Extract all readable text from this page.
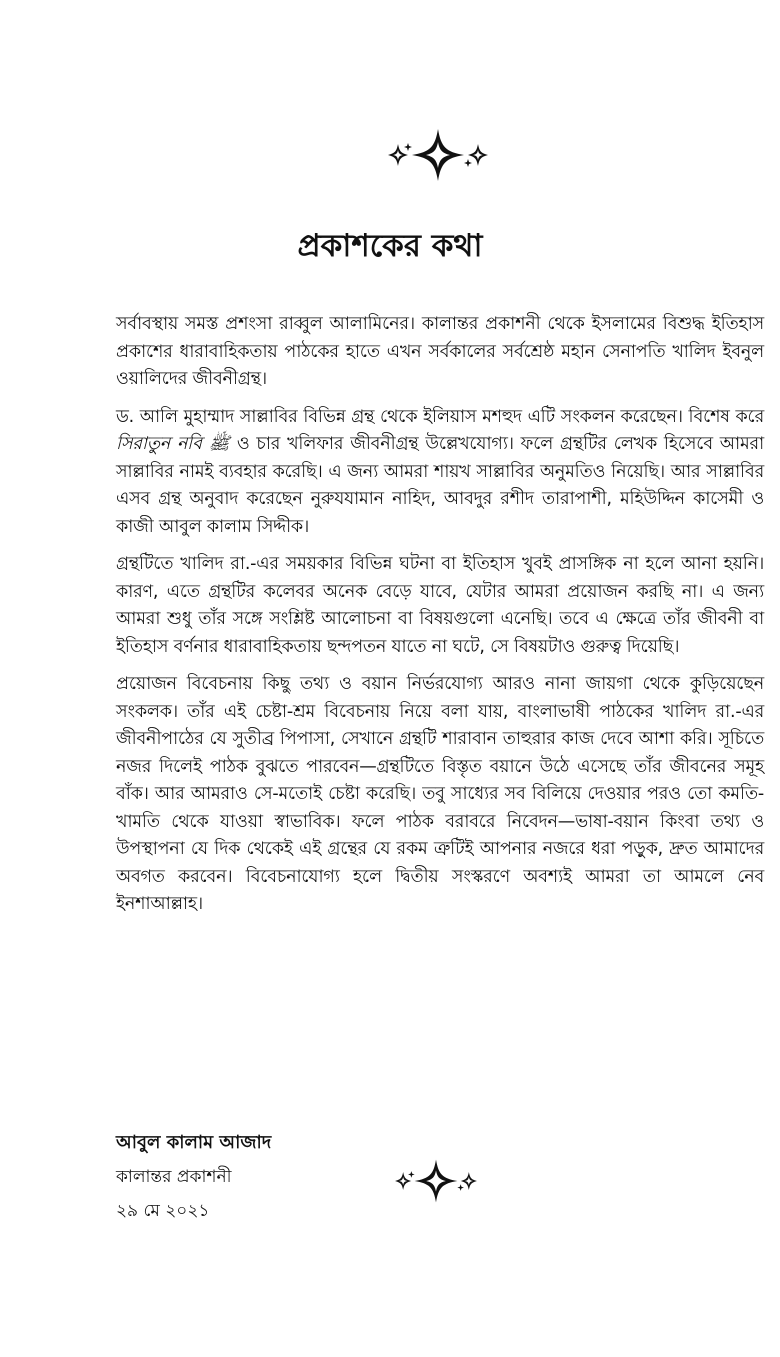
প্রকাশকের কথা

সর্বাবস্থায় সমস্ত প্রশংসা রাব্বুল আলামিনের। কালান্তর প্রকাশনী থেকে ইসলামের বিশুদ্ধ ইতিহাস প্রকাশের ধারাবাহিকতায় পাঠকের হাতে এখন সর্বকালের সর্বশ্রেষ্ঠ মহান সেনাপতি খালিদ ইবনুল ওয়ালিদের জীবনীগ্রন্থ।

ড. আলি মুহাম্মাদ সাল্লাবির বিভিন্ন গ্রন্থ থেকে ইলিয়াস মশহুদ এটি সংকলন করেছেন। বিশেষ করে সিরাতুন নবি ﷺ ও চার খলিফার জীবনীগ্রন্থ উল্লেখযোগ্য। ফলে গ্রন্থটির লেখক হিসেবে আমরা সাল্লাবির নামই ব্যবহার করেছি। এ জন্য আমরা শায়খ সাল্লাবির অনুমতিও নিয়েছি। আর সাল্লাবির এসব গ্রন্থ অনুবাদ করেছেন নুরুযযামান নাহিদ, আবদুর রশীদ তারাপাশী, মহিউদ্দিন কাসেমী ও কাজী আবুল কালাম সিদ্দীক।

গ্রন্থটিতে খালিদ রা.-এর সময়কার বিভিন্ন ঘটনা বা ইতিহাস খুবই প্রাসঙ্গিক না হলে আনা হয়নি। কারণ, এতে গ্রন্থটির কলেবর অনেক বেড়ে যাবে, যেটার আমরা প্রয়োজন করছি না। এ জন্য আমরা শুধু তাঁর সঙ্গে সংশ্লিষ্ট আলোচনা বা বিষয়গুলো এনেছি। তবে এ ক্ষেত্রে তাঁর জীবনী বা ইতিহাস বর্ণনার ধারাবাহিকতায় ছন্দপতন যাতে না ঘটে, সে বিষয়টাও গুরুত্ব দিয়েছি।

প্রয়োজন বিবেচনায় কিছু তথ্য ও বয়ান নির্ভরযোগ্য আরও নানা জায়গা থেকে কুড়িয়েছেন সংকলক। তাঁর এই চেষ্টা-শ্রম বিবেচনায় নিয়ে বলা যায়, বাংলাভাষী পাঠকের খালিদ রা.-এর জীবনীপাঠের যে সুতীব্র পিপাসা, সেখানে গ্রন্থটি শারাবান তাহুরার কাজ দেবে আশা করি। সূচিতে নজর দিলেই পাঠক বুঝতে পারবেন—গ্রন্থটিতে বিস্তৃত বয়ানে উঠে এসেছে তাঁর জীবনের সমূহ বাঁক। আর আমরাও সে-মতোই চেষ্টা করেছি। তবু সাধ্যের সব বিলিয়ে দেওয়ার পরও তো কমতি-খামতি থেকে যাওয়া স্বাভাবিক। ফলে পাঠক বরাবরে নিবেদন—ভাষা-বয়ান কিংবা তথ্য ও উপস্থাপনা যে দিক থেকেই এই গ্রন্থের যে রকম ত্রুটিই আপনার নজরে ধরা পড়ুক, দ্রুত আমাদের অবগত করবেন। বিবেচনাযোগ্য হলে দ্বিতীয় সংস্করণে অবশ্যই আমরা তা আমলে নেব ইনশাআল্লাহ।

আবুল কালাম আজাদ
কালান্তর প্রকাশনী
২৯ মে ২০২১
